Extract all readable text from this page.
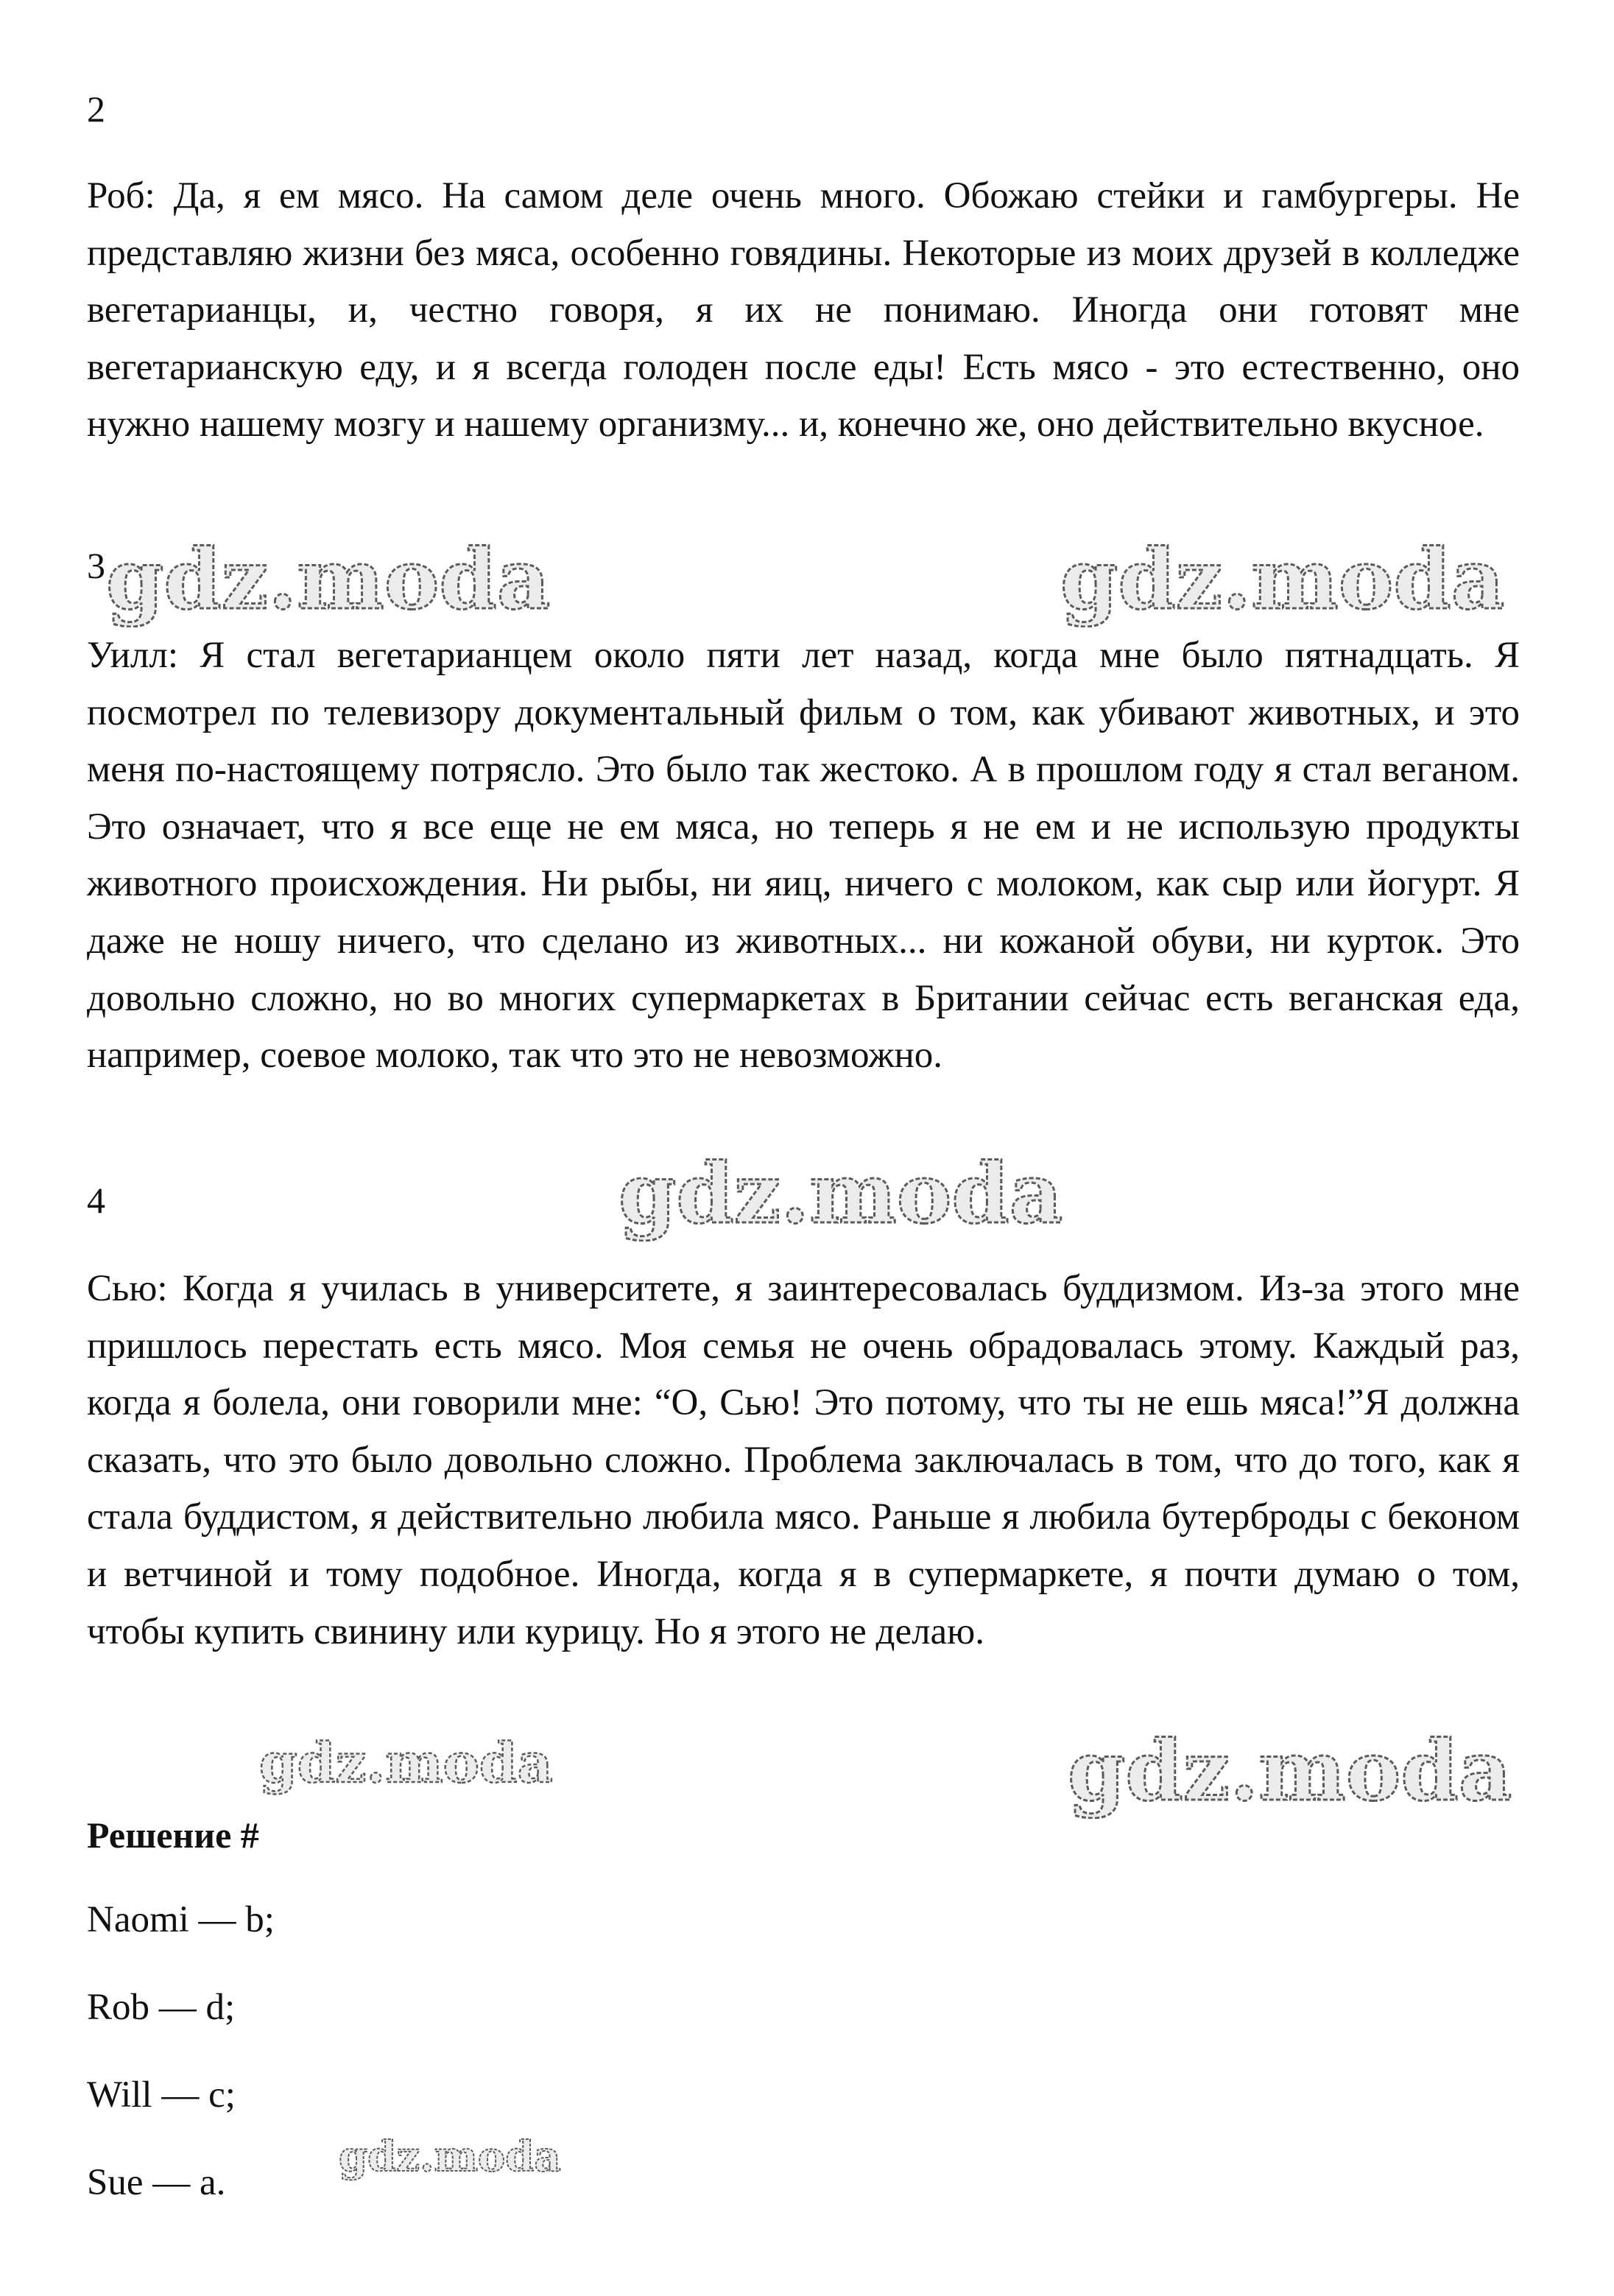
2
Роб: Да, я ем мясо. На самом деле очень много. Обожаю стейки и гамбургеры. Не представляю жизни без мяса, особенно говядины. Некоторые из моих друзей в колледже вегетарианцы, и, честно говоря, я их не понимаю. Иногда они готовят мне вегетарианскую еду, и я всегда голоден после еды! Есть мясо - это естественно, оно нужно нашему мозгу и нашему организму... и, конечно же, оно действительно вкусное.
3
Уилл: Я стал вегетарианцем около пяти лет назад, когда мне было пятнадцать. Я посмотрел по телевизору документальный фильм о том, как убивают животных, и это меня по-настоящему потрясло. Это было так жестоко. А в прошлом году я стал веганом. Это означает, что я все еще не ем мяса, но теперь я не ем и не использую продукты животного происхождения. Ни рыбы, ни яиц, ничего с молоком, как сыр или йогурт. Я даже не ношу ничего, что сделано из животных... ни кожаной обуви, ни курток. Это довольно сложно, но во многих супермаркетах в Британии сейчас есть веганская еда, например, соевое молоко, так что это не невозможно.
4
Сью: Когда я училась в университете, я заинтересовалась буддизмом. Из-за этого мне пришлось перестать есть мясо. Моя семья не очень обрадовалась этому. Каждый раз, когда я болела, они говорили мне: “О, Сью! Это потому, что ты не ешь мяса!”Я должна сказать, что это было довольно сложно. Проблема заключалась в том, что до того, как я стала буддистом, я действительно любила мясо. Раньше я любила бутерброды с беконом и ветчиной и тому подобное. Иногда, когда я в супермаркете, я почти думаю о том, чтобы купить свинину или курицу. Но я этого не делаю.
Решение #
Naomi — b;
Rob — d;
Will — c;
Sue — a.
gdz.moda	gdz.moda
gdz.moda
gdz.moda	gdz.moda
gdz.moda
